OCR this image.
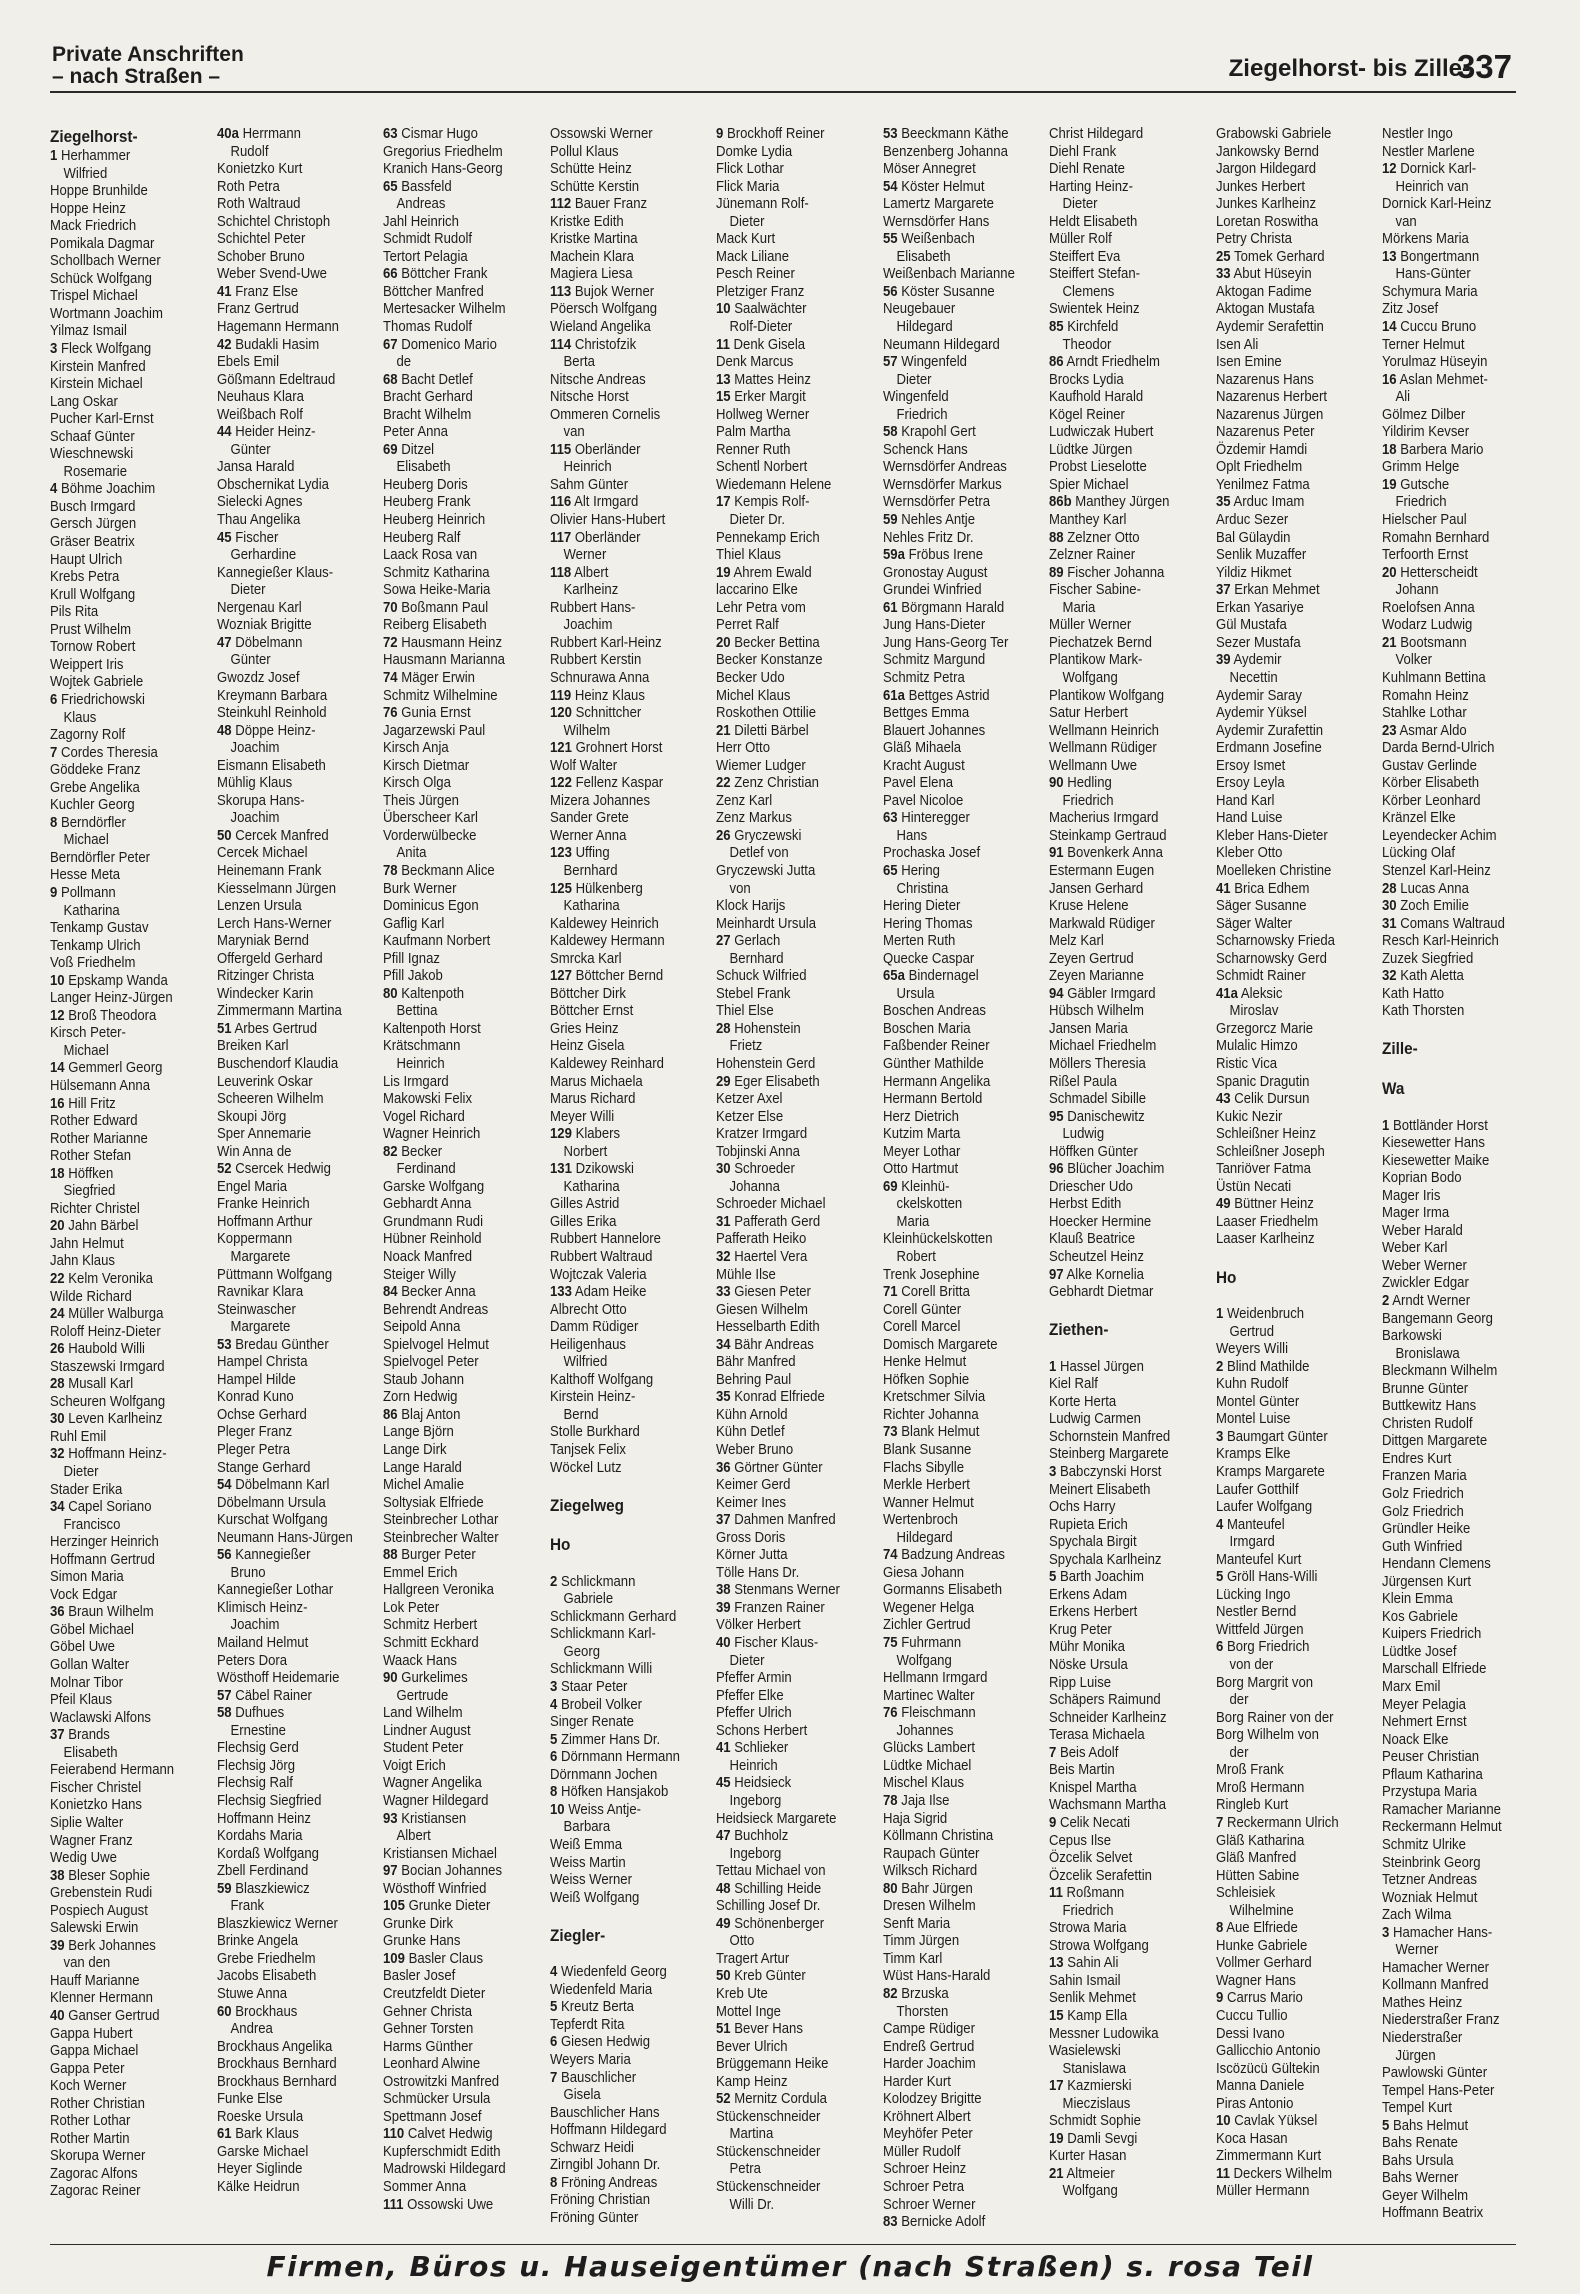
Private Anschriften
– nach Straßen –	Ziegelhorst- bis Zille-
337
Ziegelhorst-
1 Herhammer
Wilfried
Hoppe Brunhilde
Hoppe Heinz
Mack Friedrich
Pomikala Dagmar
Schollbach Werner
Schück Wolfgang
Trispel Michael
Wortmann Joachim
Yilmaz Ismail
3 Fleck Wolfgang
Kirstein Manfred
Kirstein Michael
Lang Oskar
Pucher Karl-Ernst
Schaaf Günter
Wieschnewski
Rosemarie
4 Böhme Joachim
Busch Irmgard
Gersch Jürgen
Gräser Beatrix
Haupt Ulrich
Krebs Petra
Krull Wolfgang
Pils Rita
Prust Wilhelm
Tornow Robert
Weippert Iris
Wojtek Gabriele
6 Friedrichowski
Klaus
Zagorny Rolf
7 Cordes Theresia
Göddeke Franz
Grebe Angelika
Kuchler Georg
8 Berndörfler
Michael
Berndörfler Peter
Hesse Meta
9 Pollmann
Katharina
Tenkamp Gustav
Tenkamp Ulrich
Voß Friedhelm
10 Epskamp Wanda
Langer Heinz-Jürgen
12 Broß Theodora
Kirsch Peter-
Michael
14 Gemmerl Georg
Hülsemann Anna
16 Hill Fritz
Rother Edward
Rother Marianne
Rother Stefan
18 Höffken
Siegfried
Richter Christel
20 Jahn Bärbel
Jahn Helmut
Jahn Klaus
22 Kelm Veronika
Wilde Richard
24 Müller Walburga
Roloff Heinz-Dieter
26 Haubold Willi
Staszewski Irmgard
28 Musall Karl
Scheuren Wolfgang
30 Leven Karlheinz
Ruhl Emil
32 Hoffmann Heinz-
Dieter
Stader Erika
34 Capel Soriano
Francisco
Herzinger Heinrich
Hoffmann Gertrud
Simon Maria
Vock Edgar
36 Braun Wilhelm
Göbel Michael
Göbel Uwe
Gollan Walter
Molnar Tibor
Pfeil Klaus
Waclawski Alfons
37 Brands
Elisabeth
Feierabend Hermann
Fischer Christel
Konietzko Hans
Siplie Walter
Wagner Franz
Wedig Uwe
38 Bleser Sophie
Grebenstein Rudi
Pospiech August
Salewski Erwin
39 Berk Johannes
van den
Hauff Marianne
Klenner Hermann
40 Ganser Gertrud
Gappa Hubert
Gappa Michael
Gappa Peter
Koch Werner
Rother Christian
Rother Lothar
Rother Martin
Skorupa Werner
Zagorac Alfons
Zagorac Reiner
40a Herrmann
Rudolf
Konietzko Kurt
Roth Petra
Roth Waltraud
Schichtel Christoph
Schichtel Peter
Schober Bruno
Weber Svend-Uwe
41 Franz Else
Franz Gertrud
Hagemann Hermann
42 Budakli Hasim
Ebels Emil
Gößmann Edeltraud
Neuhaus Klara
Weißbach Rolf
44 Heider Heinz-
Günter
Jansa Harald
Obschernikat Lydia
Sielecki Agnes
Thau Angelika
45 Fischer
Gerhardine
Kannegießer Klaus-
Dieter
Nergenau Karl
Wozniak Brigitte
47 Döbelmann
Günter
Gwozdz Josef
Kreymann Barbara
Steinkuhl Reinhold
48 Döppe Heinz-
Joachim
Eismann Elisabeth
Mühlig Klaus
Skorupa Hans-
Joachim
50 Cercek Manfred
Cercek Michael
Heinemann Frank
Kiesselmann Jürgen
Lenzen Ursula
Lerch Hans-Werner
Maryniak Bernd
Offergeld Gerhard
Ritzinger Christa
Windecker Karin
Zimmermann Martina
51 Arbes Gertrud
Breiken Karl
Buschendorf Klaudia
Leuverink Oskar
Scheeren Wilhelm
Skoupi Jörg
Sper Annemarie
Win Anna de
52 Csercek Hedwig
Engel Maria
Franke Heinrich
Hoffmann Arthur
Koppermann
Margarete
Püttmann Wolfgang
Ravnikar Klara
Steinwascher
Margarete
53 Bredau Günther
Hampel Christa
Hampel Hilde
Konrad Kuno
Ochse Gerhard
Pleger Franz
Pleger Petra
Stange Gerhard
54 Döbelmann Karl
Döbelmann Ursula
Kurschat Wolfgang
Neumann Hans-Jürgen
56 Kannegießer
Bruno
Kannegießer Lothar
Klimisch Heinz-
Joachim
Mailand Helmut
Peters Dora
Wösthoff Heidemarie
57 Cäbel Rainer
58 Dufhues
Ernestine
Flechsig Gerd
Flechsig Jörg
Flechsig Ralf
Flechsig Siegfried
Hoffmann Heinz
Kordahs Maria
Kordaß Wolfgang
Zbell Ferdinand
59 Blaszkiewicz
Frank
Blaszkiewicz Werner
Brinke Angela
Grebe Friedhelm
Jacobs Elisabeth
Stuwe Anna
60 Brockhaus
Andrea
Brockhaus Angelika
Brockhaus Bernhard
Brockhaus Bernhard
Funke Else
Roeske Ursula
61 Bark Klaus
Garske Michael
Heyer Siglinde
Kälke Heidrun
63 Cismar Hugo
Gregorius Friedhelm
Kranich Hans-Georg
65 Bassfeld
Andreas
Jahl Heinrich
Schmidt Rudolf
Tertort Pelagia
66 Böttcher Frank
Böttcher Manfred
Mertesacker Wilhelm
Thomas Rudolf
67 Domenico Mario
de
68 Bacht Detlef
Bracht Gerhard
Bracht Wilhelm
Peter Anna
69 Ditzel
Elisabeth
Heuberg Doris
Heuberg Frank
Heuberg Heinrich
Heuberg Ralf
Laack Rosa van
Schmitz Katharina
Sowa Heike-Maria
70 Boßmann Paul
Reiberg Elisabeth
72 Hausmann Heinz
Hausmann Marianna
74 Mäger Erwin
Schmitz Wilhelmine
76 Gunia Ernst
Jagarzewski Paul
Kirsch Anja
Kirsch Dietmar
Kirsch Olga
Theis Jürgen
Überscheer Karl
Vorderwülbecke
Anita
78 Beckmann Alice
Burk Werner
Dominicus Egon
Gaflig Karl
Kaufmann Norbert
Pfill Ignaz
Pfill Jakob
80 Kaltenpoth
Bettina
Kaltenpoth Horst
Krätschmann
Heinrich
Lis Irmgard
Makowski Felix
Vogel Richard
Wagner Heinrich
82 Becker
Ferdinand
Garske Wolfgang
Gebhardt Anna
Grundmann Rudi
Hübner Reinhold
Noack Manfred
Steiger Willy
84 Becker Anna
Behrendt Andreas
Seipold Anna
Spielvogel Helmut
Spielvogel Peter
Staub Johann
Zorn Hedwig
86 Blaj Anton
Lange Björn
Lange Dirk
Lange Harald
Michel Amalie
Soltysiak Elfriede
Steinbrecher Lothar
Steinbrecher Walter
88 Burger Peter
Emmel Erich
Hallgreen Veronika
Lok Peter
Schmitz Herbert
Schmitt Eckhard
Waack Hans
90 Gurkelimes
Gertrude
Land Wilhelm
Lindner August
Student Peter
Voigt Erich
Wagner Angelika
Wagner Hildegard
93 Kristiansen
Albert
Kristiansen Michael
97 Bocian Johannes
Wösthoff Winfried
105 Grunke Dieter
Grunke Dirk
Grunke Hans
109 Basler Claus
Basler Josef
Creutzfeldt Dieter
Gehner Christa
Gehner Torsten
Harms Günther
Leonhard Alwine
Ostrowitzki Manfred
Schmücker Ursula
Spettmann Josef
110 Calvet Hedwig
Kupferschmidt Edith
Madrowski Hildegard
Sommer Anna
111 Ossowski Uwe
Ossowski Werner
Pollul Klaus
Schütte Heinz
Schütte Kerstin
112 Bauer Franz
Kristke Edith
Kristke Martina
Machein Klara
Magiera Liesa
113 Bujok Werner
Pöersch Wolfgang
Wieland Angelika
114 Christofzik
Berta
Nitsche Andreas
Nitsche Horst
Ommeren Cornelis
van
115 Oberländer
Heinrich
Sahm Günter
116 Alt Irmgard
Olivier Hans-Hubert
117 Oberländer
Werner
118 Albert
Karlheinz
Rubbert Hans-
Joachim
Rubbert Karl-Heinz
Rubbert Kerstin
Schnurawa Anna
119 Heinz Klaus
120 Schnittcher
Wilhelm
121 Grohnert Horst
Wolf Walter
122 Fellenz Kaspar
Mizera Johannes
Sander Grete
Werner Anna
123 Uffing
Bernhard
125 Hülkenberg
Katharina
Kaldewey Heinrich
Kaldewey Hermann
Smrcka Karl
127 Böttcher Bernd
Böttcher Dirk
Böttcher Ernst
Gries Heinz
Heinz Gisela
Kaldewey Reinhard
Marus Michaela
Marus Richard
Meyer Willi
129 Klabers
Norbert
131 Dzikowski
Katharina
Gilles Astrid
Gilles Erika
Rubbert Hannelore
Rubbert Waltraud
Wojtczak Valeria
133 Adam Heike
Albrecht Otto
Damm Rüdiger
Heiligenhaus
Wilfried
Kalthoff Wolfgang
Kirstein Heinz-
Bernd
Stolle Burkhard
Tanjsek Felix
Wöckel Lutz
Ziegelweg
Ho
2 Schlickmann
Gabriele
Schlickmann Gerhard
Schlickmann Karl-
Georg
Schlickmann Willi
3 Staar Peter
4 Brobeil Volker
Singer Renate
5 Zimmer Hans Dr.
6 Dörnmann Hermann
Dörnmann Jochen
8 Höfken Hansjakob
10 Weiss Antje-
Barbara
Weiß Emma
Weiss Martin
Weiss Werner
Weiß Wolfgang
Ziegler-
4 Wiedenfeld Georg
Wiedenfeld Maria
5 Kreutz Berta
Tepferdt Rita
6 Giesen Hedwig
Weyers Maria
7 Bauschlicher
Gisela
Bauschlicher Hans
Hoffmann Hildegard
Schwarz Heidi
Zirngibl Johann Dr.
8 Fröning Andreas
Fröning Christian
Fröning Günter
9 Brockhoff Reiner
Domke Lydia
Flick Lothar
Flick Maria
Jünemann Rolf-
Dieter
Mack Kurt
Mack Liliane
Pesch Reiner
Pletziger Franz
10 Saalwächter
Rolf-Dieter
11 Denk Gisela
Denk Marcus
13 Mattes Heinz
15 Erker Margit
Hollweg Werner
Palm Martha
Renner Ruth
Schentl Norbert
Wiedemann Helene
17 Kempis Rolf-
Dieter Dr.
Pennekamp Erich
Thiel Klaus
19 Ahrem Ewald
laccarino Elke
Lehr Petra vom
Perret Ralf
20 Becker Bettina
Becker Konstanze
Becker Udo
Michel Klaus
Roskothen Ottilie
21 Diletti Bärbel
Herr Otto
Wiemer Ludger
22 Zenz Christian
Zenz Karl
Zenz Markus
26 Gryczewski
Detlef von
Gryczewski Jutta
von
Klock Harijs
Meinhardt Ursula
27 Gerlach
Bernhard
Schuck Wilfried
Stebel Frank
Thiel Else
28 Hohenstein
Frietz
Hohenstein Gerd
29 Eger Elisabeth
Ketzer Axel
Ketzer Else
Kratzer Irmgard
Tobjinski Anna
30 Schroeder
Johanna
Schroeder Michael
31 Pafferath Gerd
Pafferath Heiko
32 Haertel Vera
Mühle Ilse
33 Giesen Peter
Giesen Wilhelm
Hesselbarth Edith
34 Bähr Andreas
Bähr Manfred
Behring Paul
35 Konrad Elfriede
Kühn Arnold
Kühn Detlef
Weber Bruno
36 Görtner Günter
Keimer Gerd
Keimer Ines
37 Dahmen Manfred
Gross Doris
Körner Jutta
Tölle Hans Dr.
38 Stenmans Werner
39 Franzen Rainer
Völker Herbert
40 Fischer Klaus-
Dieter
Pfeffer Armin
Pfeffer Elke
Pfeffer Ulrich
Schons Herbert
41 Schlieker
Heinrich
45 Heidsieck
Ingeborg
Heidsieck Margarete
47 Buchholz
Ingeborg
Tettau Michael von
48 Schilling Heide
Schilling Josef Dr.
49 Schönenberger
Otto
Tragert Artur
50 Kreb Günter
Kreb Ute
Mottel Inge
51 Bever Hans
Bever Ulrich
Brüggemann Heike
Kamp Heinz
52 Mernitz Cordula
Stückenschneider
Martina
Stückenschneider
Petra
Stückenschneider
Willi Dr.
53 Beeckmann Käthe
Benzenberg Johanna
Möser Annegret
54 Köster Helmut
Lamertz Margarete
Wernsdörfer Hans
55 Weißenbach
Elisabeth
Weißenbach Marianne
56 Köster Susanne
Neugebauer
Hildegard
Neumann Hildegard
57 Wingenfeld
Dieter
Wingenfeld
Friedrich
58 Krapohl Gert
Schenck Hans
Wernsdörfer Andreas
Wernsdörfer Markus
Wernsdörfer Petra
59 Nehles Antje
Nehles Fritz Dr.
59a Fröbus Irene
Gronostay August
Grundei Winfried
61 Börgmann Harald
Jung Hans-Dieter
Jung Hans-Georg Ter
Schmitz Margund
Schmitz Petra
61a Bettges Astrid
Bettges Emma
Blauert Johannes
Gläß Mihaela
Kracht August
Pavel Elena
Pavel Nicoloe
63 Hinteregger
Hans
Prochaska Josef
65 Hering
Christina
Hering Dieter
Hering Thomas
Merten Ruth
Quecke Caspar
65a Bindernagel
Ursula
Boschen Andreas
Boschen Maria
Faßbender Reiner
Günther Mathilde
Hermann Angelika
Hermann Bertold
Herz Dietrich
Kutzim Marta
Meyer Lothar
Otto Hartmut
69 Kleinhü-
ckelskotten
Maria
Kleinhückelskotten
Robert
Trenk Josephine
71 Corell Britta
Corell Günter
Corell Marcel
Domisch Margarete
Henke Helmut
Höfken Sophie
Kretschmer Silvia
Richter Johanna
73 Blank Helmut
Blank Susanne
Flachs Sibylle
Merkle Herbert
Wanner Helmut
Wertenbroch
Hildegard
74 Badzung Andreas
Giesa Johann
Gormanns Elisabeth
Wegener Helga
Zichler Gertrud
75 Fuhrmann
Wolfgang
Hellmann Irmgard
Martinec Walter
76 Fleischmann
Johannes
Glücks Lambert
Lüdtke Michael
Mischel Klaus
78 Jaja Ilse
Haja Sigrid
Köllmann Christina
Raupach Günter
Wilksch Richard
80 Bahr Jürgen
Dresen Wilhelm
Senft Maria
Timm Jürgen
Timm Karl
Wüst Hans-Harald
82 Brzuska
Thorsten
Campe Rüdiger
Endreß Gertrud
Harder Joachim
Harder Kurt
Kolodzey Brigitte
Kröhnert Albert
Meyhöfer Peter
Müller Rudolf
Schroer Heinz
Schroer Petra
Schroer Werner
83 Bernicke Adolf
Christ Hildegard
Diehl Frank
Diehl Renate
Harting Heinz-
Dieter
Heldt Elisabeth
Müller Rolf
Steiffert Eva
Steiffert Stefan-
Clemens
Swientek Heinz
85 Kirchfeld
Theodor
86 Arndt Friedhelm
Brocks Lydia
Kaufhold Harald
Kögel Reiner
Ludwiczak Hubert
Lüdtke Jürgen
Probst Lieselotte
Spier Michael
86b Manthey Jürgen
Manthey Karl
88 Zelzner Otto
Zelzner Rainer
89 Fischer Johanna
Fischer Sabine-
Maria
Müller Werner
Piechatzek Bernd
Plantikow Mark-
Wolfgang
Plantikow Wolfgang
Satur Herbert
Wellmann Heinrich
Wellmann Rüdiger
Wellmann Uwe
90 Hedling
Friedrich
Macherius Irmgard
Steinkamp Gertraud
91 Bovenkerk Anna
Estermann Eugen
Jansen Gerhard
Kruse Helene
Markwald Rüdiger
Melz Karl
Zeyen Gertrud
Zeyen Marianne
94 Gäbler Irmgard
Hübsch Wilhelm
Jansen Maria
Michael Friedhelm
Möllers Theresia
Rißel Paula
Schmadel Sibille
95 Danischewitz
Ludwig
Höffken Günter
96 Blücher Joachim
Driescher Udo
Herbst Edith
Hoecker Hermine
Klauß Beatrice
Scheutzel Heinz
97 Alke Kornelia
Gebhardt Dietmar
Ziethen-
1 Hassel Jürgen
Kiel Ralf
Korte Herta
Ludwig Carmen
Schornstein Manfred
Steinberg Margarete
3 Babczynski Horst
Meinert Elisabeth
Ochs Harry
Rupieta Erich
Spychala Birgit
Spychala Karlheinz
5 Barth Joachim
Erkens Adam
Erkens Herbert
Krug Peter
Mühr Monika
Nöske Ursula
Ripp Luise
Schäpers Raimund
Schneider Karlheinz
Terasa Michaela
7 Beis Adolf
Beis Martin
Knispel Martha
Wachsmann Martha
9 Celik Necati
Cepus Ilse
Özcelik Selvet
Özcelik Serafettin
11 Roßmann
Friedrich
Strowa Maria
Strowa Wolfgang
13 Sahin Ali
Sahin Ismail
Senlik Mehmet
15 Kamp Ella
Messner Ludowika
Wasielewski
Stanislawa
17 Kazmierski
Mieczislaus
Schmidt Sophie
19 Damli Sevgi
Kurter Hasan
21 Altmeier
Wolfgang
Grabowski Gabriele
Jankowsky Bernd
Jargon Hildegard
Junkes Herbert
Junkes Karlheinz
Loretan Roswitha
Petry Christa
25 Tomek Gerhard
33 Abut Hüseyin
Aktogan Fadime
Aktogan Mustafa
Aydemir Serafettin
Isen Ali
Isen Emine
Nazarenus Hans
Nazarenus Herbert
Nazarenus Jürgen
Nazarenus Peter
Özdemir Hamdi
Oplt Friedhelm
Yenilmez Fatma
35 Arduc Imam
Arduc Sezer
Bal Gülaydin
Senlik Muzaffer
Yildiz Hikmet
37 Erkan Mehmet
Erkan Yasariye
Gül Mustafa
Sezer Mustafa
39 Aydemir
Necettin
Aydemir Saray
Aydemir Yüksel
Aydemir Zurafettin
Erdmann Josefine
Ersoy Ismet
Ersoy Leyla
Hand Karl
Hand Luise
Kleber Hans-Dieter
Kleber Otto
Moelleken Christine
41 Brica Edhem
Säger Susanne
Säger Walter
Scharnowsky Frieda
Scharnowsky Gerd
Schmidt Rainer
41a Aleksic
Miroslav
Grzegorcz Marie
Mulalic Himzo
Ristic Vica
Spanic Dragutin
43 Celik Dursun
Kukic Nezir
Schleißner Heinz
Schleißner Joseph
Tanriöver Fatma
Üstün Necati
49 Büttner Heinz
Laaser Friedhelm
Laaser Karlheinz
Ho
1 Weidenbruch
Gertrud
Weyers Willi
2 Blind Mathilde
Kuhn Rudolf
Montel Günter
Montel Luise
3 Baumgart Günter
Kramps Elke
Kramps Margarete
Laufer Gotthilf
Laufer Wolfgang
4 Manteufel
Irmgard
Manteufel Kurt
5 Gröll Hans-Willi
Lücking Ingo
Nestler Bernd
Wittfeld Jürgen
6 Borg Friedrich
von der
Borg Margrit von
der
Borg Rainer von der
Borg Wilhelm von
der
Mroß Frank
Mroß Hermann
Ringleb Kurt
7 Reckermann Ulrich
Gläß Katharina
Gläß Manfred
Hütten Sabine
Schleisiek
Wilhelmine
8 Aue Elfriede
Hunke Gabriele
Vollmer Gerhard
Wagner Hans
9 Carrus Mario
Cuccu Tullio
Dessi Ivano
Gallicchio Antonio
Iscözücü Gültekin
Manna Daniele
Piras Antonio
10 Cavlak Yüksel
Koca Hasan
Zimmermann Kurt
11 Deckers Wilhelm
Müller Hermann
Nestler Ingo
Nestler Marlene
12 Dornick Karl-
Heinrich van
Dornick Karl-Heinz
van
Mörkens Maria
13 Bongertmann
Hans-Günter
Schymura Maria
Zitz Josef
14 Cuccu Bruno
Terner Helmut
Yorulmaz Hüseyin
16 Aslan Mehmet-
Ali
Gölmez Dilber
Yildirim Kevser
18 Barbera Mario
Grimm Helge
19 Gutsche
Friedrich
Hielscher Paul
Romahn Bernhard
Terfoorth Ernst
20 Hetterscheidt
Johann
Roelofsen Anna
Wodarz Ludwig
21 Bootsmann
Volker
Kuhlmann Bettina
Romahn Heinz
Stahlke Lothar
23 Asmar Aldo
Darda Bernd-Ulrich
Gustav Gerlinde
Körber Elisabeth
Körber Leonhard
Kränzel Elke
Leyendecker Achim
Lücking Olaf
Stenzel Karl-Heinz
28 Lucas Anna
30 Zoch Emilie
31 Comans Waltraud
Resch Karl-Heinrich
Zuzek Siegfried
32 Kath Aletta
Kath Hatto
Kath Thorsten
Zille-
Wa
1 Bottländer Horst
Kiesewetter Hans
Kiesewetter Maike
Koprian Bodo
Mager Iris
Mager Irma
Weber Harald
Weber Karl
Weber Werner
Zwickler Edgar
2 Arndt Werner
Bangemann Georg
Barkowski
Bronislawa
Bleckmann Wilhelm
Brunne Günter
Buttkewitz Hans
Christen Rudolf
Dittgen Margarete
Endres Kurt
Franzen Maria
Golz Friedrich
Golz Friedrich
Gründler Heike
Guth Winfried
Hendann Clemens
Jürgensen Kurt
Klein Emma
Kos Gabriele
Kuipers Friedrich
Lüdtke Josef
Marschall Elfriede
Marx Emil
Meyer Pelagia
Nehmert Ernst
Noack Elke
Peuser Christian
Pflaum Katharina
Przystupa Maria
Ramacher Marianne
Reckermann Helmut
Schmitz Ulrike
Steinbrink Georg
Tetzner Andreas
Wozniak Helmut
Zach Wilma
3 Hamacher Hans-
Werner
Hamacher Werner
Kollmann Manfred
Mathes Heinz
Niederstraßer Franz
Niederstraßer
Jürgen
Pawlowski Günter
Tempel Hans-Peter
Tempel Kurt
5 Bahs Helmut
Bahs Renate
Bahs Ursula
Bahs Werner
Geyer Wilhelm
Hoffmann Beatrix
Firmen, Büros u. Hauseigentümer (nach Straßen) s. rosa Teil
